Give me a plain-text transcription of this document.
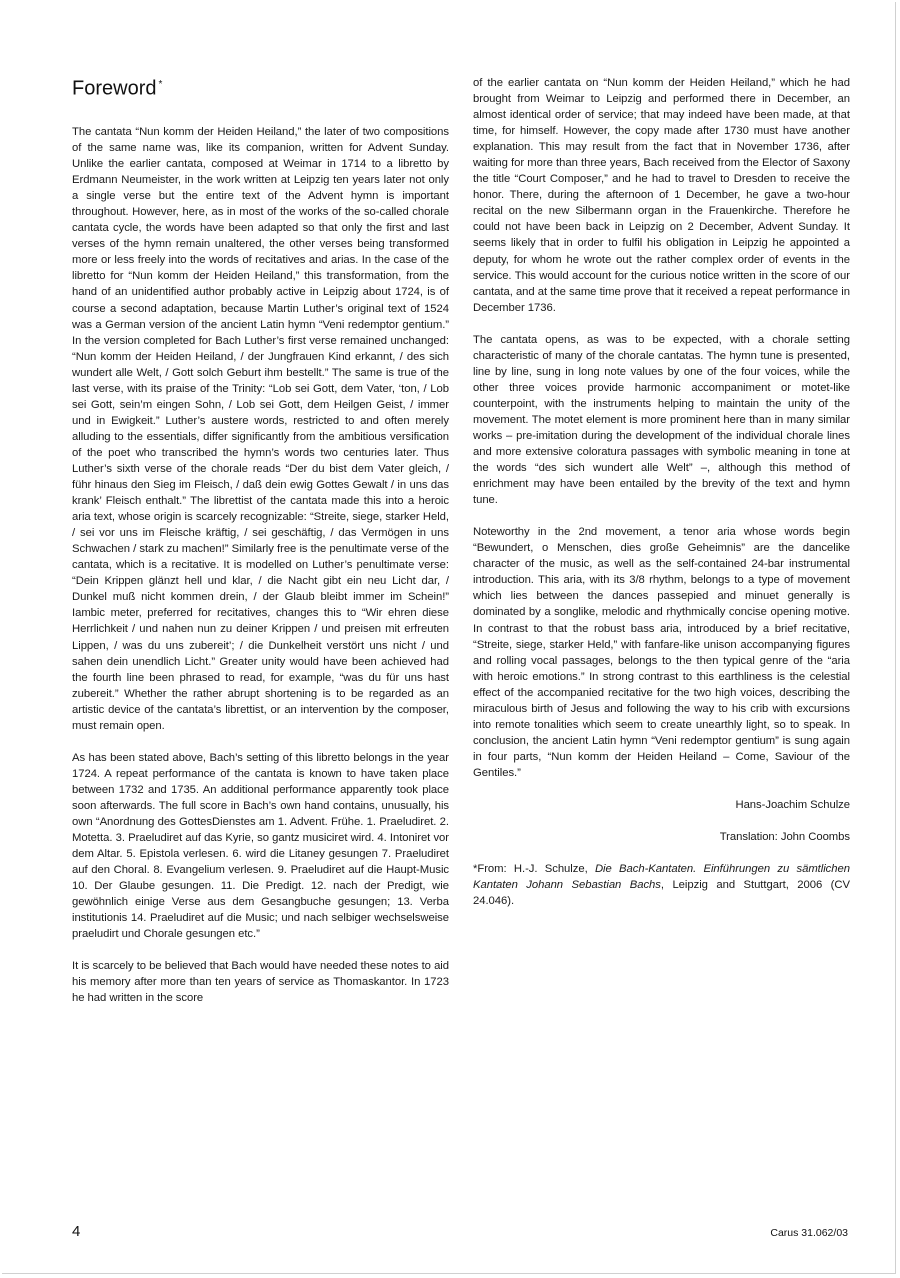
Foreword *

The cantata “Nun komm der Heiden Heiland,” the later of two compositions of the same name was, like its companion, written for Advent Sunday. Unlike the earlier cantata, composed at Weimar in 1714 to a libretto by Erdmann Neumeister, in the work written at Leipzig ten years later not only a single verse but the entire text of the Advent hymn is important throughout. However, here, as in most of the works of the so-called chorale cantata cycle, the words have been adapted so that only the first and last verses of the hymn remain unaltered, the other verses being transformed more or less freely into the words of recitatives and arias. In the case of the libretto for “Nun komm der Heiden Heiland,” this transformation, from the hand of an unidentified author probably active in Leipzig about 1724, is of course a second adaptation, because Martin Luther’s original text of 1524 was a German version of the ancient Latin hymn “Veni redemptor gentium.” In the version completed for Bach Luther’s first verse remained unchanged: “Nun komm der Heiden Heiland, / der Jungfrauen Kind erkannt, / des sich wundert alle Welt, / Gott solch Geburt ihm bestellt.” The same is true of the last verse, with its praise of the Trinity: “Lob sei Gott, dem Vater, ‘ton, / Lob sei Gott, sein’m eingen Sohn, / Lob sei Gott, dem Heilgen Geist, / immer und in Ewigkeit.” Luther’s austere words, restricted to and often merely alluding to the essentials, differ significantly from the ambitious versification of the poet who transcribed the hymn’s words two centuries later. Thus Luther’s sixth verse of the chorale reads “Der du bist dem Vater gleich, / führ hinaus den Sieg im Fleisch, / daß dein ewig Gottes Gewalt / in uns das krank’ Fleisch enthalt.” The librettist of the cantata made this into a heroic aria text, whose origin is scarcely recognizable: “Streite, siege, starker Held, / sei vor uns im Fleische kräftig, / sei geschäftig, / das Vermögen in uns Schwachen / stark zu machen!” Similarly free is the penultimate verse of the cantata, which is a recitative. It is modelled on Luther’s penultimate verse: “Dein Krippen glänzt hell und klar, / die Nacht gibt ein neu Licht dar, / Dunkel muß nicht kommen drein, / der Glaub bleibt immer im Schein!” Iambic meter, preferred for recitatives, changes this to “Wir ehren diese Herrlichkeit / und nahen nun zu deiner Krippen / und preisen mit erfreuten Lippen, / was du uns zubereit’; / die Dunkelheit verstört uns nicht / und sahen dein unendlich Licht.” Greater unity would have been achieved had the fourth line been phrased to read, for example, “was du für uns hast zubereit.” Whether the rather abrupt shortening is to be regarded as an artistic device of the cantata’s librettist, or an intervention by the composer, must remain open.

As has been stated above, Bach’s setting of this libretto belongs in the year 1724. A repeat performance of the cantata is known to have taken place between 1732 and 1735. An additional performance apparently took place soon afterwards. The full score in Bach’s own hand contains, unusually, his own “Anordnung des GottesDienstes am 1. Advent. Frühe. 1. Praeludiret. 2. Motetta. 3. Praeludiret auf das Kyrie, so gantz musiciret wird. 4. Intoniret vor dem Altar. 5. Epistola verlesen. 6. wird die Litaney gesungen 7. Praeludiret auf den Choral. 8. Evangelium verlesen. 9. Praeludiret auf die Haupt-Music 10. Der Glaube gesungen. 11. Die Predigt. 12. nach der Predigt, wie gewöhnlich einige Verse aus dem Gesangbuche gesungen; 13. Verba institutionis 14. Praeludiret auf die Music; und nach selbiger wechselsweise praeludirt und Chorale gesungen etc.”

It is scarcely to be believed that Bach would have needed these notes to aid his memory after more than ten years of service as Thomaskantor. In 1723 he had written in the score

of the earlier cantata on “Nun komm der Heiden Heiland,” which he had brought from Weimar to Leipzig and performed there in December, an almost identical order of service; that may indeed have been made, at that time, for himself. However, the copy made after 1730 must have another explanation. This may result from the fact that in November 1736, after waiting for more than three years, Bach received from the Elector of Saxony the title “Court Composer,” and he had to travel to Dresden to receive the honor. There, during the afternoon of 1 December, he gave a two-hour recital on the new Silbermann organ in the Frauenkirche. Therefore he could not have been back in Leipzig on 2 December, Advent Sunday. It seems likely that in order to fulfil his obligation in Leipzig he appointed a deputy, for whom he wrote out the rather complex order of events in the service. This would account for the curious notice written in the score of our cantata, and at the same time prove that it received a repeat performance in December 1736.

The cantata opens, as was to be expected, with a chorale setting characteristic of many of the chorale cantatas. The hymn tune is presented, line by line, sung in long note values by one of the four voices, while the other three voices provide harmonic accompaniment or motet-like counterpoint, with the instruments helping to maintain the unity of the movement. The motet element is more prominent here than in many similar works – pre-imitation during the development of the individual chorale lines and more extensive coloratura passages with symbolic meaning in tone at the words “des sich wundert alle Welt” –, although this method of enrichment may have been entailed by the brevity of the text and hymn tune.

Noteworthy in the 2nd movement, a tenor aria whose words begin “Bewundert, o Menschen, dies große Geheimnis” are the dancelike character of the music, as well as the self-contained 24-bar instrumental introduction. This aria, with its 3/8 rhythm, belongs to a type of movement which lies between the dances passepied and minuet generally is dominated by a songlike, melodic and rhythmically concise opening motive. In contrast to that the robust bass aria, introduced by a brief recitative, “Streite, siege, starker Held,” with fanfare-like unison accompanying figures and rolling vocal passages, belongs to the then typical genre of the “aria with heroic emotions.” In strong contrast to this earthliness is the celestial effect of the accompanied recitative for the two high voices, describing the miraculous birth of Jesus and following the way to his crib with excursions into remote tonalities which seem to create unearthly light, so to speak. In conclusion, the ancient Latin hymn “Veni redemptor gentium” is sung again in four parts, “Nun komm der Heiden Heiland – Come, Saviour of the Gentiles.”

Hans-Joachim Schulze

Translation: John Coombs

*From: H.-J. Schulze, Die Bach-Kantaten. Einführungen zu sämtlichen Kantaten Johann Sebastian Bachs, Leipzig and Stuttgart, 2006 (CV 24.046).

4	Carus 31.062/03
